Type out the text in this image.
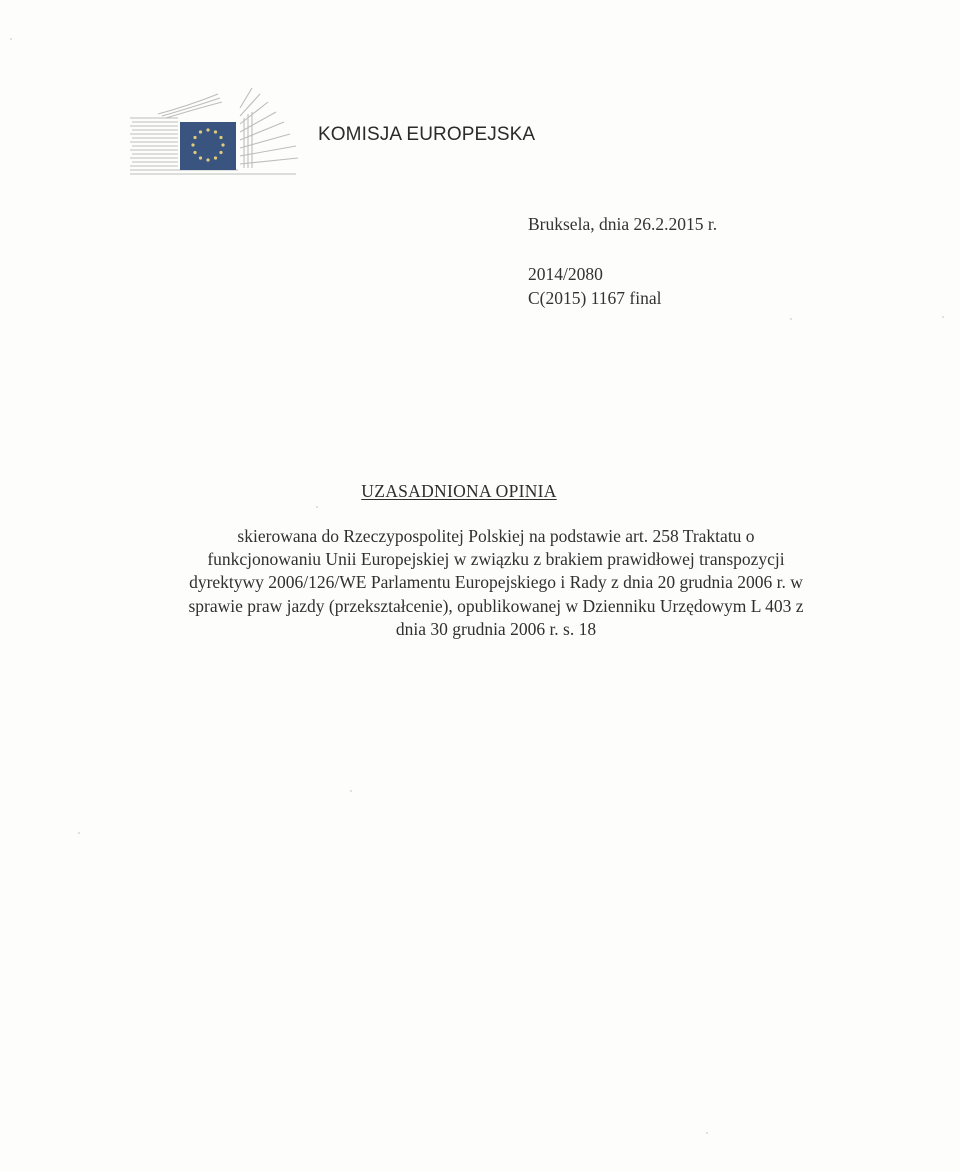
KOMISJA EUROPEJSKA
Bruksela, dnia 26.2.2015 r.
2014/2080
C(2015) 1167 final
UZASADNIONA OPINIA
skierowana do Rzeczypospolitej Polskiej na podstawie art. 258 Traktatu o
funkcjonowaniu Unii Europejskiej w związku z brakiem prawidłowej transpozycji
dyrektywy 2006/126/WE Parlamentu Europejskiego i Rady z dnia 20 grudnia 2006 r. w
sprawie praw jazdy (przekształcenie), opublikowanej w Dzienniku Urzędowym L 403 z
dnia 30 grudnia 2006 r. s. 18
